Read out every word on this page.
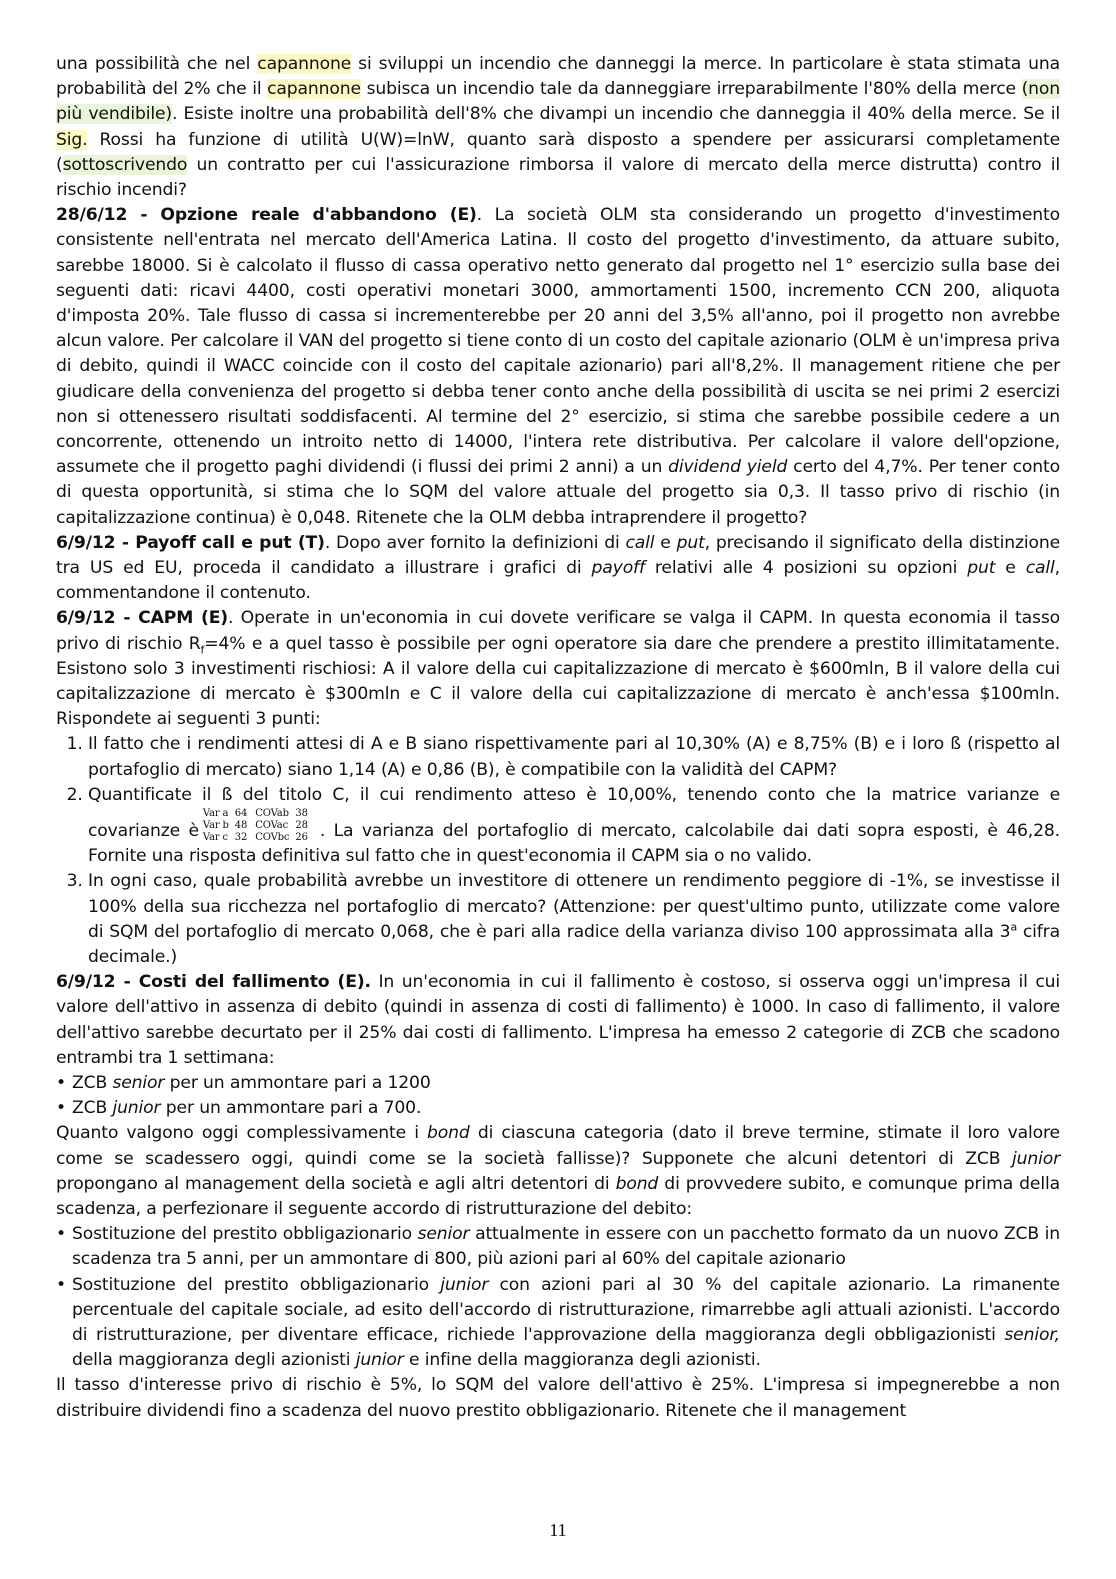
una possibilità che nel capannone si sviluppi un incendio che danneggi la merce. In particolare è stata stimata una probabilità del 2% che il capannone subisca un incendio tale da danneggiare irreparabilmente l'80% della merce (non più vendibile). Esiste inoltre una probabilità dell'8% che divampi un incendio che danneggia il 40% della merce. Se il Sig. Rossi ha funzione di utilità U(W)=lnW, quanto sarà disposto a spendere per assicurarsi completamente (sottoscrivendo un contratto per cui l'assicurazione rimborsa il valore di mercato della merce distrutta) contro il rischio incendi?

28/6/12 - Opzione reale d'abbandono (E). La società OLM sta considerando un progetto d'investimento consistente nell'entrata nel mercato dell'America Latina. Il costo del progetto d'investimento, da attuare subito, sarebbe 18000. Si è calcolato il flusso di cassa operativo netto generato dal progetto nel 1° esercizio sulla base dei seguenti dati: ricavi 4400, costi operativi monetari 3000, ammortamenti 1500, incremento CCN 200, aliquota d'imposta 20%. Tale flusso di cassa si incrementerebbe per 20 anni del 3,5% all'anno, poi il progetto non avrebbe alcun valore. Per calcolare il VAN del progetto si tiene conto di un costo del capitale azionario (OLM è un'impresa priva di debito, quindi il WACC coincide con il costo del capitale azionario) pari all'8,2%. Il management ritiene che per giudicare della convenienza del progetto si debba tener conto anche della possibilità di uscita se nei primi 2 esercizi non si ottenessero risultati soddisfacenti. Al termine del 2° esercizio, si stima che sarebbe possibile cedere a un concorrente, ottenendo un introito netto di 14000, l'intera rete distributiva. Per calcolare il valore dell'opzione, assumete che il progetto paghi dividendi (i flussi dei primi 2 anni) a un dividend yield certo del 4,7%. Per tener conto di questa opportunità, si stima che lo SQM del valore attuale del progetto sia 0,3. Il tasso privo di rischio (in capitalizzazione continua) è 0,048. Ritenete che la OLM debba intraprendere il progetto?

6/9/12 - Payoff call e put (T). Dopo aver fornito la definizioni di call e put, precisando il significato della distinzione tra US ed EU, proceda il candidato a illustrare i grafici di payoff relativi alle 4 posizioni su opzioni put e call, commentandone il contenuto.

6/9/12 - CAPM (E). Operate in un'economia in cui dovete verificare se valga il CAPM. In questa economia il tasso privo di rischio $R_f=4\%$ e a quel tasso è possibile per ogni operatore sia dare che prendere a prestito illimitatamente. Esistono solo 3 investimenti rischiosi: A il valore della cui capitalizzazione di mercato è $600mln, B il valore della cui capitalizzazione di mercato è $300mln e C il valore della cui capitalizzazione di mercato è anch'essa $100mln. Rispondete ai seguenti 3 punti:

1. Il fatto che i rendimenti attesi di A e B siano rispettivamente pari al 10,30% (A) e 8,75% (B) e i loro ß (rispetto al portafoglio di mercato) siano 1,14 (A) e 0,86 (B), è compatibile con la validità del CAPM?
2. Quantificate il ß del titolo C, il cui rendimento atteso è 10,00%, tenendo conto che la matrice varianze e covarianze è
Var a	64	COVab	38
Var b	48	COVac	28
Var c	32	COVbc	26 . La varianza del portafoglio di mercato, calcolabile dai dati sopra esposti, è 46,28. Fornite una risposta definitiva sul fatto che in quest'economia il CAPM sia o no valido.
3. In ogni caso, quale probabilità avrebbe un investitore di ottenere un rendimento peggiore di -1%, se investisse il 100% della sua ricchezza nel portafoglio di mercato? (Attenzione: per quest'ultimo punto, utilizzate come valore di SQM del portafoglio di mercato 0,068, che è pari alla radice della varianza diviso 100 approssimata alla 3$^a$ cifra decimale.)

6/9/12 - Costi del fallimento (E). In un'economia in cui il fallimento è costoso, si osserva oggi un'impresa il cui valore dell'attivo in assenza di debito (quindi in assenza di costi di fallimento) è 1000. In caso di fallimento, il valore dell'attivo sarebbe decurtato per il 25% dai costi di fallimento. L'impresa ha emesso 2 categorie di ZCB che scadono entrambi tra 1 settimana:

• ZCB senior per un ammontare pari a 1200
• ZCB junior per un ammontare pari a 700.

Quanto valgono oggi complessivamente i bond di ciascuna categoria (dato il breve termine, stimate il loro valore come se scadessero oggi, quindi come se la società fallisse)? Supponete che alcuni detentori di ZCB junior propongano al management della società e agli altri detentori di bond di provvedere subito, e comunque prima della scadenza, a perfezionare il seguente accordo di ristrutturazione del debito:

• Sostituzione del prestito obbligazionario senior attualmente in essere con un pacchetto formato da un nuovo ZCB in scadenza tra 5 anni, per un ammontare di 800, più azioni pari al 60% del capitale azionario
• Sostituzione del prestito obbligazionario junior con azioni pari al 30 % del capitale azionario. La rimanente percentuale del capitale sociale, ad esito dell'accordo di ristrutturazione, rimarrebbe agli attuali azionisti. L'accordo di ristrutturazione, per diventare efficace, richiede l'approvazione della maggioranza degli obbligazionisti senior, della maggioranza degli azionisti junior e infine della maggioranza degli azionisti.

Il tasso d'interesse privo di rischio è 5%, lo SQM del valore dell'attivo è 25%. L'impresa si impegnerebbe a non distribuire dividendi fino a scadenza del nuovo prestito obbligazionario. Ritenete che il management

11
